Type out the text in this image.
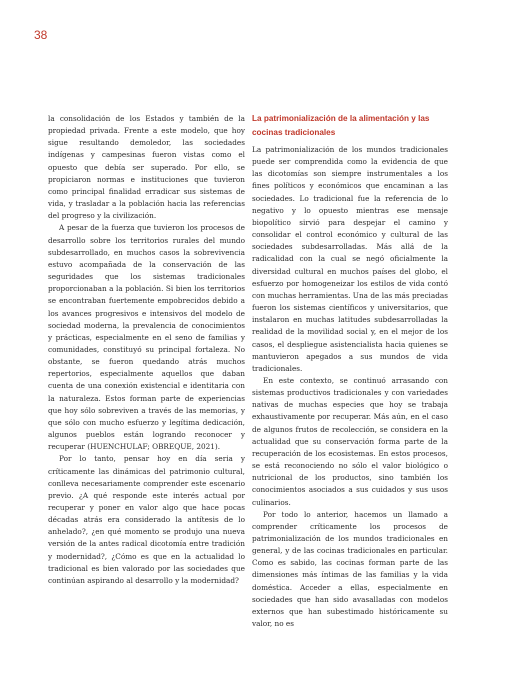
38

la consolidación de los Estados y también de la propiedad privada. Frente a este modelo, que hoy sigue resultando demoledor, las sociedades indígenas y campesinas fueron vistas como el opuesto que debía ser superado. Por ello, se propiciaron normas e instituciones que tuvieron como principal finalidad erradicar sus sistemas de vida, y trasladar a la población hacia las referencias del progreso y la civilización.

A pesar de la fuerza que tuvieron los procesos de desarrollo sobre los territorios rurales del mundo subdesarrollado, en muchos casos la sobrevivencia estuvo acompañada de la conservación de las seguridades que los sistemas tradicionales proporcionaban a la población. Si bien los territorios se encontraban fuertemente empobrecidos debido a los avances progresivos e intensivos del modelo de sociedad moderna, la prevalencia de conocimientos y prácticas, especialmente en el seno de familias y comunidades, constituyó su principal fortaleza. No obstante, se fueron quedando atrás muchos repertorios, especialmente aquellos que daban cuenta de una conexión existencial e identitaria con la naturaleza. Estos forman parte de experiencias que hoy sólo sobreviven a través de las memorias, y que sólo con mucho esfuerzo y legítima dedicación, algunos pueblos están logrando reconocer y recuperar (HUENCHULAF; OBREQUE, 2021).

Por lo tanto, pensar hoy en día seria y críticamente las dinámicas del patrimonio cultural, conlleva necesariamente comprender este escenario previo. ¿A qué responde este interés actual por recuperar y poner en valor algo que hace pocas décadas atrás era considerado la antítesis de lo anhelado?, ¿en qué momento se produjo una nueva versión de la antes radical dicotomía entre tradición y modernidad?, ¿Cómo es que en la actualidad lo tradicional es bien valorado por las sociedades que continúan aspirando al desarrollo y la modernidad?

La patrimonialización de la alimentación y las cocinas tradicionales

La patrimonialización de los mundos tradicionales puede ser comprendida como la evidencia de que las dicotomías son siempre instrumentales a los fines políticos y económicos que encaminan a las sociedades. Lo tradicional fue la referencia de lo negativo y lo opuesto mientras ese mensaje biopolítico sirvió para despejar el camino y consolidar el control económico y cultural de las sociedades subdesarrolladas. Más allá de la radicalidad con la cual se negó oficialmente la diversidad cultural en muchos países del globo, el esfuerzo por homogeneizar los estilos de vida contó con muchas herramientas. Una de las más preciadas fueron los sistemas científicos y universitarios, que instalaron en muchas latitudes subdesarrolladas la realidad de la movilidad social y, en el mejor de los casos, el despliegue asistencialista hacia quienes se mantuvieron apegados a sus mundos de vida tradicionales.

En este contexto, se continuó arrasando con sistemas productivos tradicionales y con variedades nativas de muchas especies que hoy se trabaja exhaustivamente por recuperar. Más aún, en el caso de algunos frutos de recolección, se considera en la actualidad que su conservación forma parte de la recuperación de los ecosistemas. En estos procesos, se está reconociendo no sólo el valor biológico o nutricional de los productos, sino también los conocimientos asociados a sus cuidados y sus usos culinarios.

Por todo lo anterior, hacemos un llamado a comprender críticamente los procesos de patrimonialización de los mundos tradicionales en general, y de las cocinas tradicionales en particular. Como es sabido, las cocinas forman parte de las dimensiones más íntimas de las familias y la vida doméstica. Acceder a ellas, especialmente en sociedades que han sido avasalladas con modelos externos que han subestimado históricamente su valor, no es
